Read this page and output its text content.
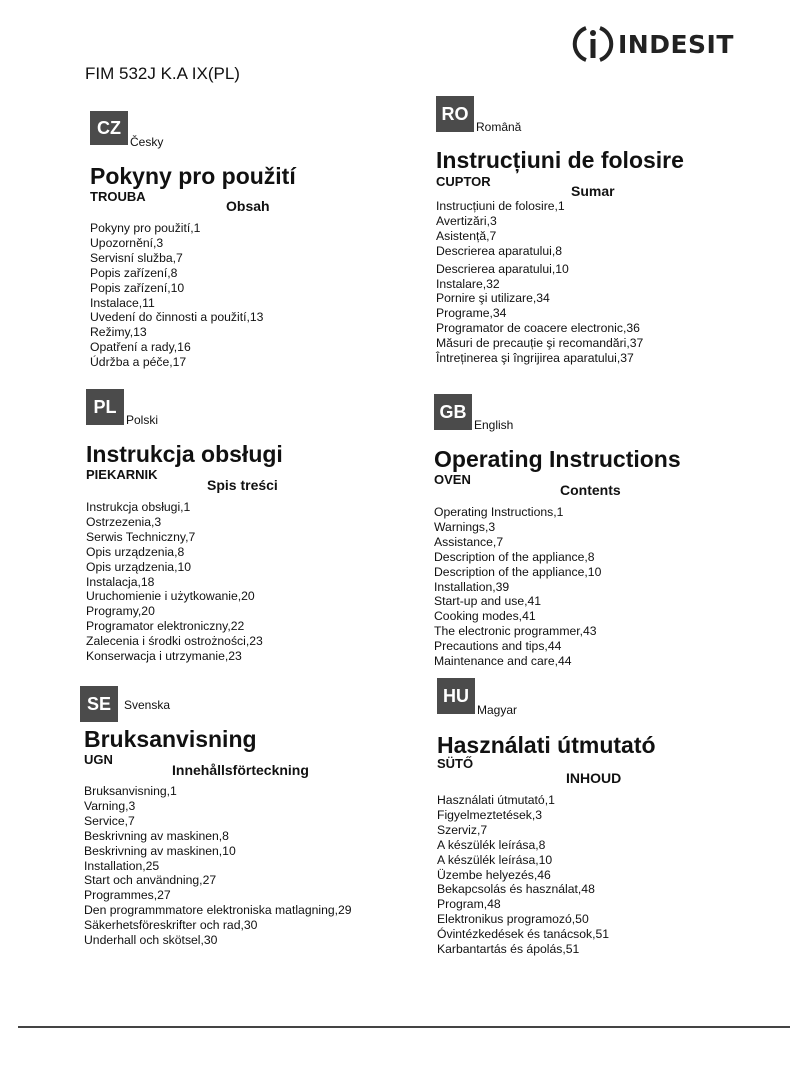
INDESIT
FIM 532J K.A IX(PL)
CZ
Česky
Pokyny pro použití
TROUBA
Obsah
Pokyny pro použití,1
Upozornění,3
Servisní služba,7
Popis zařízení,8
Popis zařízení,10
Instalace,11
Uvedení do činnosti a použití,13
Režimy,13
Opatření a rady,16
Údržba a péče,17
RO
Română
Instrucțiuni de folosire
CUPTOR
Sumar
Instrucțiuni de folosire,1
Avertizări,3
Asistență,7
Descrierea aparatului,8
Descrierea aparatului,10
Instalare,32
Pornire şi utilizare,34
Programe,34
Programator de coacere electronic,36
Măsuri de precauție şi recomandări,37
Întreținerea şi îngrijirea aparatului,37
PL
Polski
Instrukcja obsługi
PIEKARNIK
Spis treści
Instrukcja obsługi,1
Ostrzezenia,3
Serwis Techniczny,7
Opis urządzenia,8
Opis urządzenia,10
Instalacja,18
Uruchomienie i użytkowanie,20
Programy,20
Programator elektroniczny,22
Zalecenia i środki ostrożności,23
Konserwacja i utrzymanie,23
GB
English
Operating Instructions
OVEN
Contents
Operating Instructions,1
Warnings,3
Assistance,7
Description of the appliance,8
Description of the appliance,10
Installation,39
Start-up and use,41
Cooking modes,41
The electronic programmer,43
Precautions and tips,44
Maintenance and care,44
SE	Svenska
Bruksanvisning
UGN
Innehållsförteckning
Bruksanvisning,1
Varning,3
Service,7
Beskrivning av maskinen,8
Beskrivning av maskinen,10
Installation,25
Start och användning,27
Programmes,27
Den programmmatore elektroniska matlagning,29
Säkerhetsföreskrifter och rad,30
Underhall och skötsel,30
HU
Magyar
Használati útmutató
SÜTŐ
INHOUD
Használati útmutató,1
Figyelmeztetések,3
Szerviz,7
A készülék leírása,8
A készülék leírása,10
Üzembe helyezés,46
Bekapcsolás és használat,48
Program,48
Elektronikus programozó,50
Óvintézkedések és tanácsok,51
Karbantartás és ápolás,51
